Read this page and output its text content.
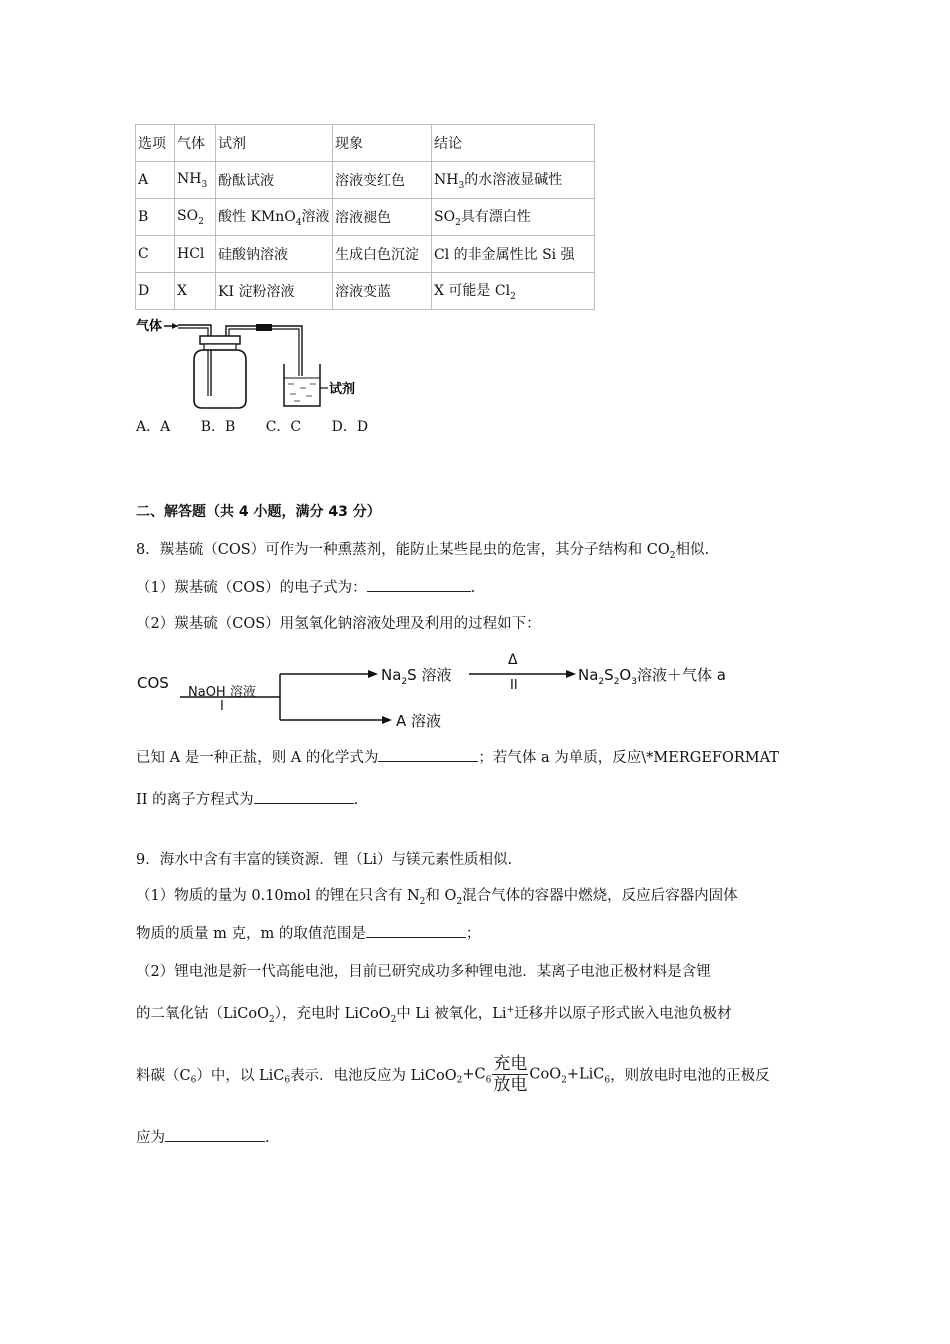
选项	气体	试剂	现象	结论
A	$NH_3$	酚酞试液	溶液变红色	$NH_3$的水溶液显碱性
B	$SO_2$	酸性 KMnO$_4$溶液	溶液褪色	$SO_2$具有漂白性
C	HCl	硅酸钠溶液	生成白色沉淀	Cl 的非金属性比 Si 强
D	X	KI 淀粉溶液	溶液变蓝	X 可能是 $Cl_2$
气体
试剂
A．A B．B C．C D．D
二、解答题（共 4 小题，满分 43 分）
8．羰基硫（COS）可作为一种熏蒸剂，能防止某些昆虫的危害，其分子结构和 $CO_2$相似.
（1）羰基硫（COS）的电子式为：	.
（2）羰基硫（COS）用氢氧化钠溶液处理及利用的过程如下：
COS
NaOH 溶液
I
$Na_2S$ 溶液
Δ
II
$Na_2S_2O_3$溶液＋气体 a
A 溶液
已知 A 是一种正盐，则 A 的化学式为	；若气体 a 为单质，反应\*MERGEFORMAT
II 的离子方程式为	.
9．海水中含有丰富的镁资源．锂（Li）与镁元素性质相似.
（1）物质的量为 0.10mol 的锂在只含有 $N_2$和 $O_2$混合气体的容器中燃烧，反应后容器内固体
物质的质量 m 克，m 的取值范围是	；
（2）锂电池是新一代高能电池，目前已研究成功多种锂电池．某离子电池正极材料是含锂
的二氧化钴（LiCoO$_2$），充电时 LiCoO$_2$中 Li 被氧化，Li+迁移并以原子形式嵌入电池负极材
料碳$(C_6)$中，以 LiC$_6$表示．电池反应为 $LiCoO_2+C_6 \frac{\text{充电}}{\text{放电}} CoO_2+LiC_6$，则放电时电池的正极反
应为	.
